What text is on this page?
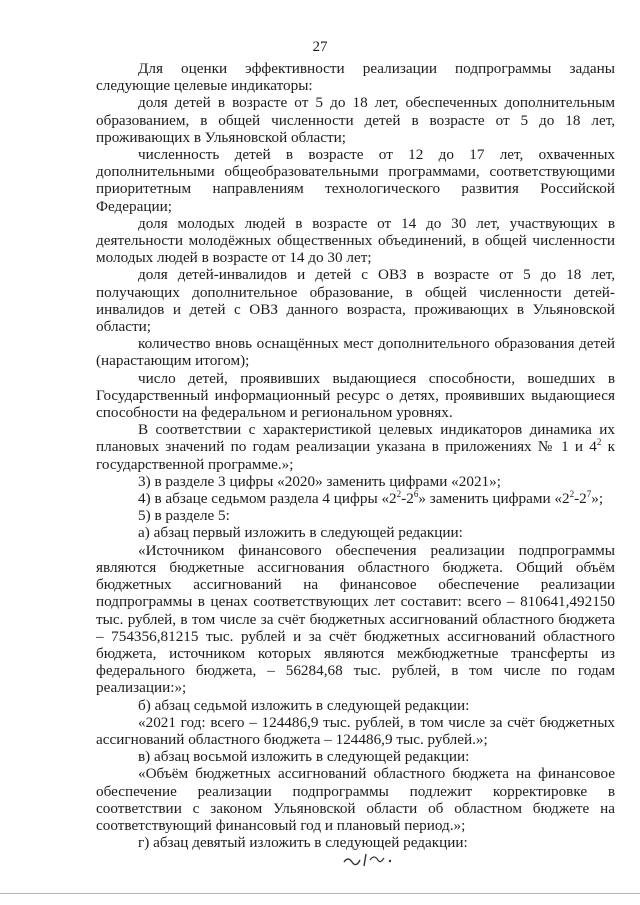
27

Для оценки эффективности реализации подпрограммы заданы следующие целевые индикаторы:

доля детей в возрасте от 5 до 18 лет, обеспеченных дополнительным образованием, в общей численности детей в возрасте от 5 до 18 лет, проживающих в Ульяновской области;

численность детей в возрасте от 12 до 17 лет, охваченных дополнительными общеобразовательными программами, соответствующими приоритетным направлениям технологического развития Российской Федерации;

доля молодых людей в возрасте от 14 до 30 лет, участвующих в деятельности молодёжных общественных объединений, в общей численности молодых людей в возрасте от 14 до 30 лет;

доля детей-инвалидов и детей с ОВЗ в возрасте от 5 до 18 лет, получающих дополнительное образование, в общей численности детей-инвалидов и детей с ОВЗ данного возраста, проживающих в Ульяновской области;

количество вновь оснащённых мест дополнительного образования детей (нарастающим итогом);

число детей, проявивших выдающиеся способности, вошедших в Государственный информационный ресурс о детях, проявивших выдающиеся способности на федеральном и региональном уровнях.

В соответствии с характеристикой целевых индикаторов динамика их плановых значений по годам реализации указана в приложениях № 1 и $4^2$ к государственной программе.»;

3) в разделе 3 цифры «2020» заменить цифрами «2021»;

4) в абзаце седьмом раздела 4 цифры «$2^2-2^6$» заменить цифрами «$2^2-2^7$»;

5) в разделе 5:

а) абзац первый изложить в следующей редакции:

«Источником финансового обеспечения реализации подпрограммы являются бюджетные ассигнования областного бюджета. Общий объём бюджетных ассигнований на финансовое обеспечение реализации подпрограммы в ценах соответствующих лет составит: всего – 810641,492150 тыс. рублей, в том числе за счёт бюджетных ассигнований областного бюджета – 754356,81215 тыс. рублей и за счёт бюджетных ассигнований областного бюджета, источником которых являются межбюджетные трансферты из федерального бюджета, – 56284,68 тыс. рублей, в том числе по годам реализации:»;

б) абзац седьмой изложить в следующей редакции:

«2021 год: всего – 124486,9 тыс. рублей, в том числе за счёт бюджетных ассигнований областного бюджета – 124486,9 тыс. рублей.»;

в) абзац восьмой изложить в следующей редакции:

«Объём бюджетных ассигнований областного бюджета на финансовое обеспечение реализации подпрограммы подлежит корректировке в соответствии с законом Ульяновской области об областном бюджете на соответствующий финансовый год и плановый период.»;

г) абзац девятый изложить в следующей редакции:
